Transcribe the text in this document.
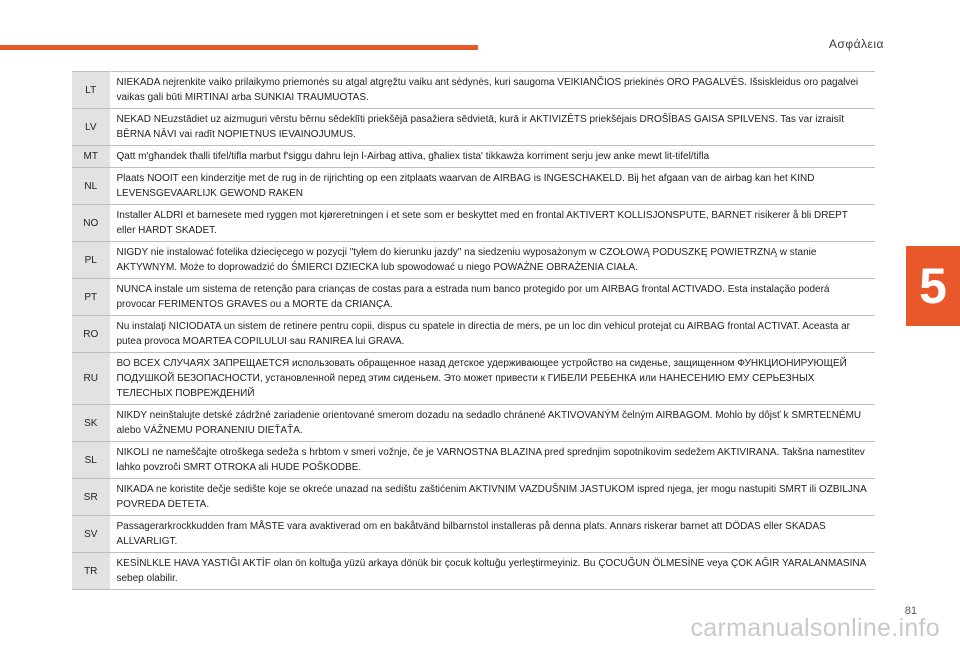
Ασφάλεια
5
LT	NIEKADA nejrenkite vaiko prilaikymo priemonės su atgal atgręžtu vaiku ant sėdynės, kuri saugoma VEIKIANČIOS priekinės ORO PAGALVĖS. Išsiskleidus oro pagalvei vaikas gali būti MIRTINAI arba SUNKIAI TRAUMUOTAS.
LV	NEKAD NEuzstādiet uz aizmuguri vērstu bērnu sēdeklīti priekšējā pasažiera sēdvietā, kurā ir AKTIVIZĒTS priekšējais DROŠĪBAS GAISA SPILVENS. Tas var izraisīt BĒRNA NĀVI vai radīt NOPIETNUS IEVAINOJUMUS.
MT	Qatt m'għandek tħalli tifel/tifla marbut f'siggu dahru lejn l-Airbag attiva, għaliex tista' tikkawża korriment serju jew anke mewt lit-tifel/tifla
NL	Plaats NOOIT een kinderzitje met de rug in de rijrichting op een zitplaats waarvan de AIRBAG is INGESCHAKELD. Bij het afgaan van de airbag kan het KIND LEVENSGEVAARLIJK GEWOND RAKEN
NO	Installer ALDRI et barnesete med ryggen mot kjøreretningen i et sete som er beskyttet med en frontal AKTIVERT KOLLISJONSPUTE, BARNET risikerer å bli DREPT eller HARDT SKADET.
PL	NIGDY nie instalować fotelika dziecięcego w pozycji "tyłem do kierunku jazdy" na siedzeniu wyposażonym w CZOŁOWĄ PODUSZKĘ POWIETRZNĄ w stanie AKTYWNYM. Może to doprowadzić do ŚMIERCI DZIECKA lub spowodować u niego POWAŻNE OBRAŻENIA CIAŁA.
PT	NUNCA instale um sistema de retenção para crianças de costas para a estrada num banco protegido por um AIRBAG frontal ACTIVADO. Esta instalação poderá provocar FERIMENTOS GRAVES ou a MORTE da CRIANÇA.
RO	Nu instalaţi NICIODATA un sistem de retinere pentru copii, dispus cu spatele in directia de mers, pe un loc din vehicul protejat cu AIRBAG frontal ACTIVAT. Aceasta ar putea provoca MOARTEA COPILULUI sau RANIREA lui GRAVA.
RU	ВО ВСЕХ СЛУЧАЯХ ЗАПРЕЩАЕТСЯ использовать обращенное назад детское удерживающее устройство на сиденье, защищенном ФУНКЦИОНИРУЮЩЕЙ ПОДУШКОЙ БЕЗОПАСНОСТИ, установленной перед этим сиденьем. Это может привести к ГИБЕЛИ РЕБЕНКА или НАНЕСЕНИЮ ЕМУ СЕРЬЕЗНЫХ ТЕЛЕСНЫХ ПОВРЕЖДЕНИЙ
SK	NIKDY neinštalujte detské zádržné zariadenie orientované smerom dozadu na sedadlo chránené AKTIVOVANÝM čelným AIRBAGOM. Mohlo by dôjsť k SMRTEĽNÉMU alebo VÁŽNEMU PORANENIU DIEŤAŤA.
SL	NIKOLI ne nameščajte otroškega sedeža s hrbtom v smeri vožnje, če je VARNOSTNA BLAZINA pred sprednjim sopotnikovim sedežem AKTIVIRANA. Takšna namestitev lahko povzroči SMRT OTROKA ali HUDE POŠKODBE.
SR	NIKADA ne koristite dečje sedište koje se okreće unazad na sedištu zaštićenim AKTIVNIM VAZDUŠNIM JASTUKOM ispred njega, jer mogu nastupiti SMRT ili OZBILJNA POVREDA DETETA.
SV	Passagerarkrockkudden fram MÅSTE vara avaktiverad om en bakåtvänd bilbarnstol installeras på denna plats. Annars riskerar barnet att DÖDAS eller SKADAS ALLVARLIGT.
TR	KESİNLKLE HAVA YASTIĞI AKTİF olan ön koltuğa yüzü arkaya dönük bir çocuk koltuğu yerleştirmeyiniz. Bu ÇOCUĞUN ÖLMESİNE veya ÇOK AĞIR YARALANMASINA sebep olabilir.
81
carmanualsonline.info
